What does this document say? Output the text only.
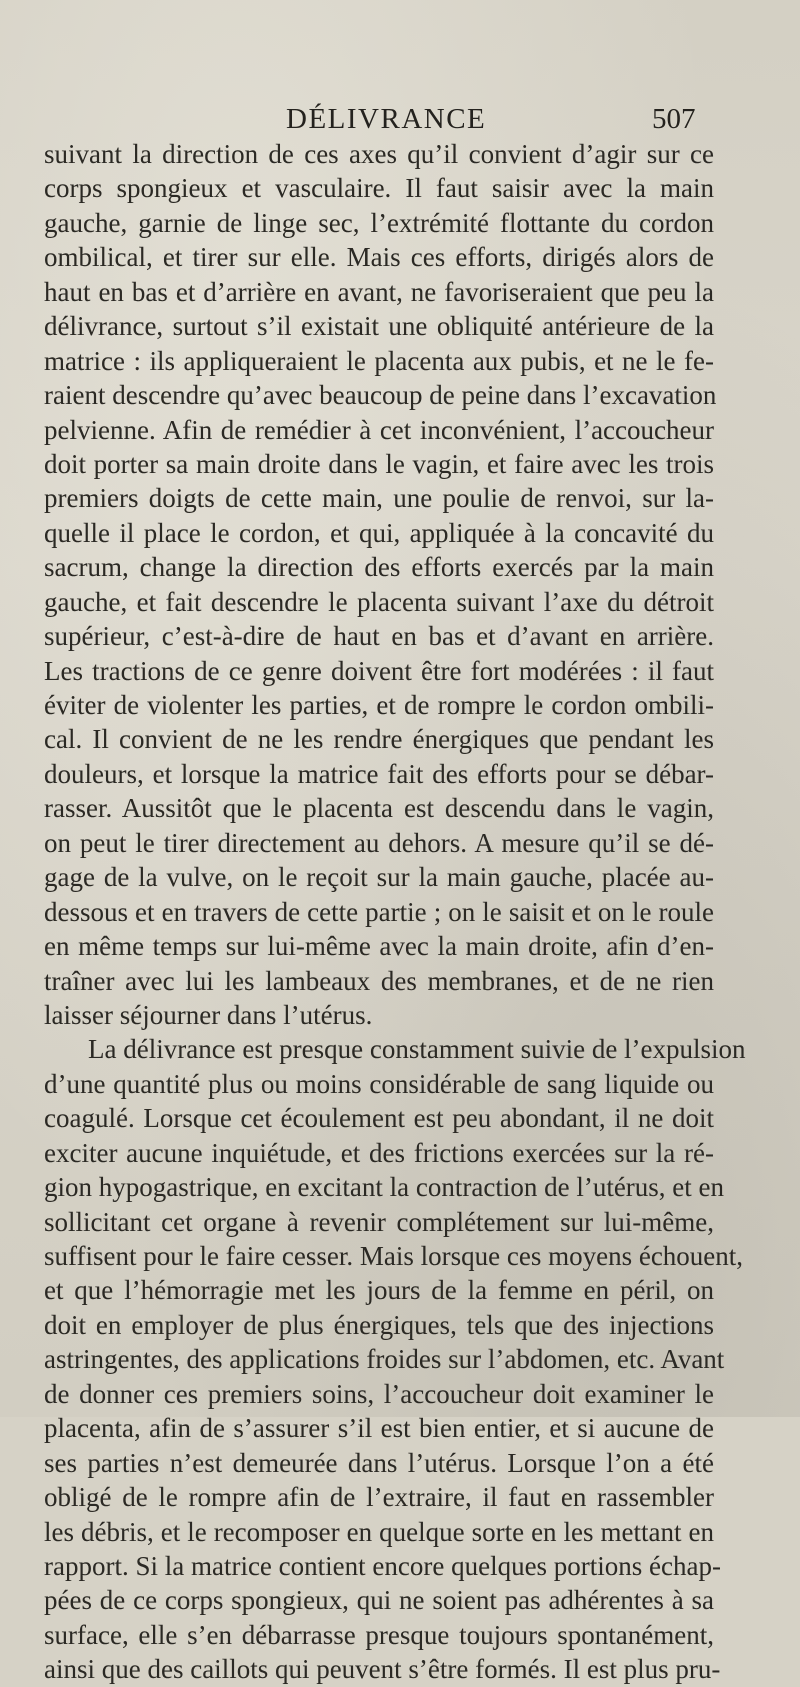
DÉLIVRANCE	507
suivant la direction de ces axes qu’il convient d’agir sur ce
corps spongieux et vasculaire. Il faut saisir avec la main
gauche, garnie de linge sec, l’extrémité flottante du cordon
ombilical, et tirer sur elle. Mais ces efforts, dirigés alors de
haut en bas et d’arrière en avant, ne favoriseraient que peu la
délivrance, surtout s’il existait une obliquité antérieure de la
matrice : ils appliqueraient le placenta aux pubis, et ne le fe-
raient descendre qu’avec beaucoup de peine dans l’excavation
pelvienne. Afin de remédier à cet inconvénient, l’accoucheur
doit porter sa main droite dans le vagin, et faire avec les trois
premiers doigts de cette main, une poulie de renvoi, sur la-
quelle il place le cordon, et qui, appliquée à la concavité du
sacrum, change la direction des efforts exercés par la main
gauche, et fait descendre le placenta suivant l’axe du détroit
supérieur, c’est-à-dire de haut en bas et d’avant en arrière.
Les tractions de ce genre doivent être fort modérées : il faut
éviter de violenter les parties, et de rompre le cordon ombili-
cal. Il convient de ne les rendre énergiques que pendant les
douleurs, et lorsque la matrice fait des efforts pour se débar-
rasser. Aussitôt que le placenta est descendu dans le vagin,
on peut le tirer directement au dehors. A mesure qu’il se dé-
gage de la vulve, on le reçoit sur la main gauche, placée au-
dessous et en travers de cette partie ; on le saisit et on le roule
en même temps sur lui-même avec la main droite, afin d’en-
traîner avec lui les lambeaux des membranes, et de ne rien
laisser séjourner dans l’utérus.
La délivrance est presque constamment suivie de l’expulsion
d’une quantité plus ou moins considérable de sang liquide ou
coagulé. Lorsque cet écoulement est peu abondant, il ne doit
exciter aucune inquiétude, et des frictions exercées sur la ré-
gion hypogastrique, en excitant la contraction de l’utérus, et en
sollicitant cet organe à revenir complétement sur lui-même,
suffisent pour le faire cesser. Mais lorsque ces moyens échouent,
et que l’hémorragie met les jours de la femme en péril, on
doit en employer de plus énergiques, tels que des injections
astringentes, des applications froides sur l’abdomen, etc. Avant
de donner ces premiers soins, l’accoucheur doit examiner le
placenta, afin de s’assurer s’il est bien entier, et si aucune de
ses parties n’est demeurée dans l’utérus. Lorsque l’on a été
obligé de le rompre afin de l’extraire, il faut en rassembler
les débris, et le recomposer en quelque sorte en les mettant en
rapport. Si la matrice contient encore quelques portions échap-
pées de ce corps spongieux, qui ne soient pas adhérentes à sa
surface, elle s’en débarrasse presque toujours spontanément,
ainsi que des caillots qui peuvent s’être formés. Il est plus pru-
